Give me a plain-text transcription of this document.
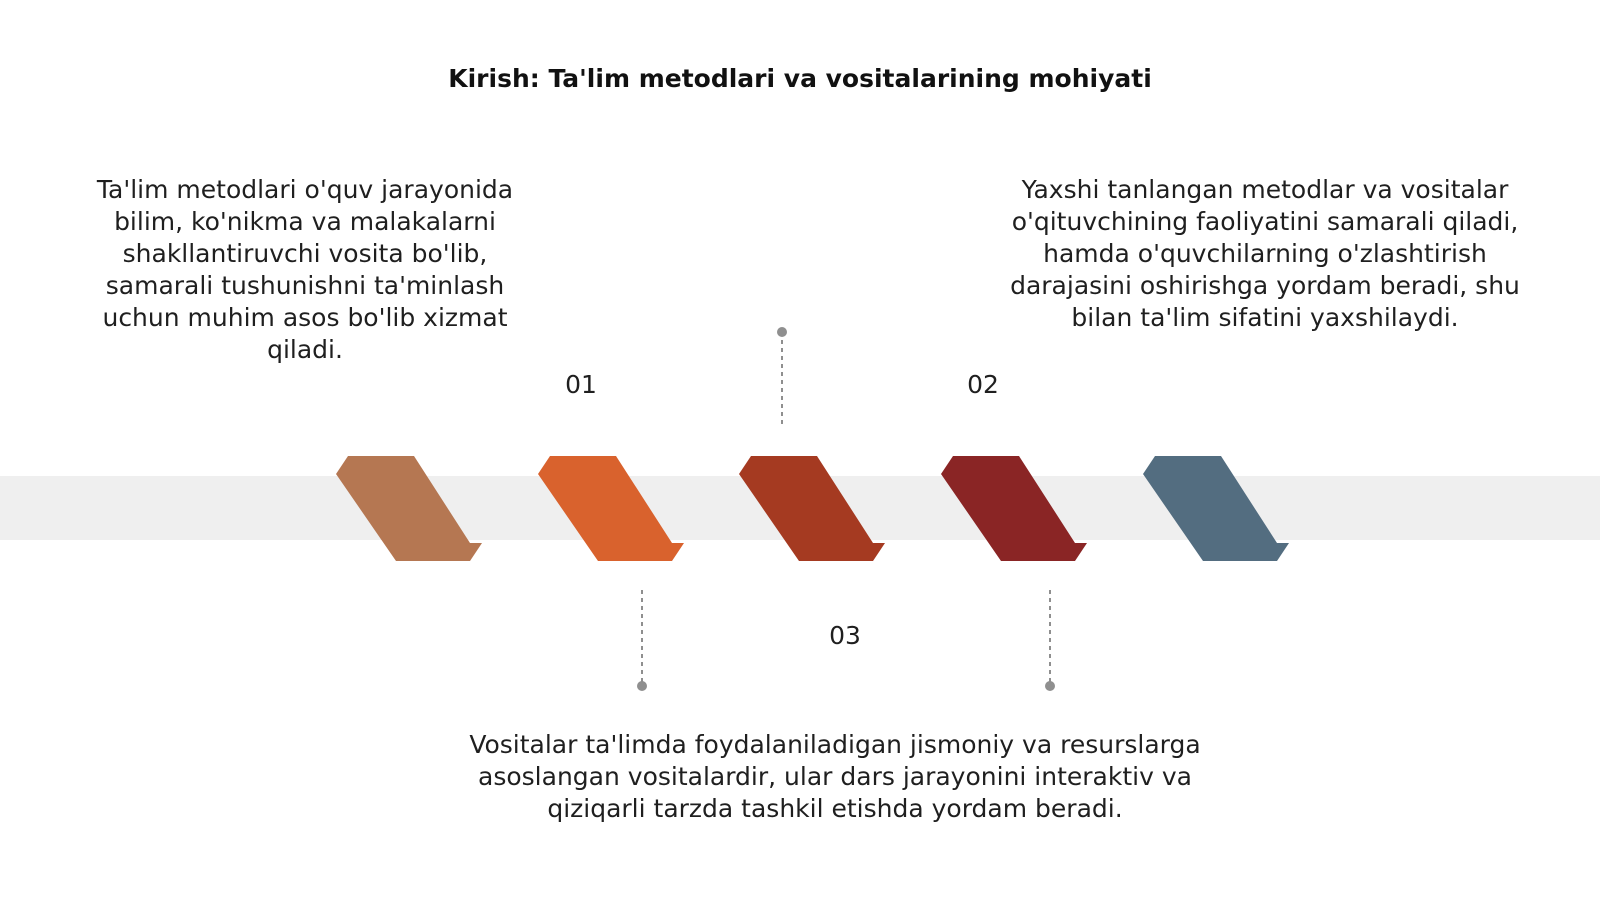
Kirish: Ta'lim metodlari va vositalarining mohiyati
01	02
03
Ta'lim metodlari o'quv jarayonida bilim, ko'nikma va malakalarni shakllantiruvchi vosita bo'lib, samarali tushunishni ta'minlash uchun muhim asos bo'lib xizmat qiladi.
Yaxshi tanlangan metodlar va vositalar o'qituvchining faoliyatini samarali qiladi, hamda o'quvchilarning o'zlashtirish darajasini oshirishga yordam beradi, shu bilan ta'lim sifatini yaxshilaydi.
Vositalar ta'limda foydalaniladigan jismoniy va resurslarga asoslangan vositalardir, ular dars jarayonini interaktiv va qiziqarli tarzda tashkil etishda yordam beradi.
